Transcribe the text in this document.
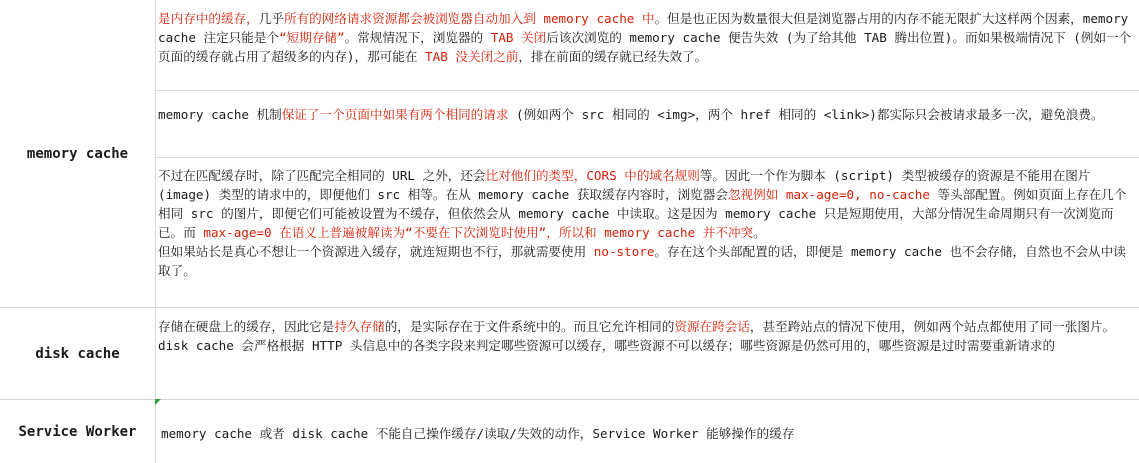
memory cache
disk cache
Service Worker

是内存中的缓存，几乎所有的网络请求资源都会被浏览器自动加入到 memory cache 中。但是也正因为数量很大但是浏览器占用的内存不能无限扩大这样两个因素，memory cache 注定只能是个“短期存储”。常规情况下，浏览器的 TAB 关闭后该次浏览的 memory cache 便告失效 (为了给其他 TAB 腾出位置)。而如果极端情况下 (例如一个页面的缓存就占用了超级多的内存)，那可能在 TAB 没关闭之前，排在前面的缓存就已经失效了。

memory cache 机制保证了一个页面中如果有两个相同的请求 (例如两个 src 相同的 <img>，两个 href 相同的 <link>)都实际只会被请求最多一次，避免浪费。

不过在匹配缓存时，除了匹配完全相同的 URL 之外，还会比对他们的类型，CORS 中的域名规则等。因此一个作为脚本 (script) 类型被缓存的资源是不能用在图片 (image) 类型的请求中的，即便他们 src 相等。在从 memory cache 获取缓存内容时，浏览器会忽视例如 max-age=0, no-cache 等头部配置。例如页面上存在几个相同 src 的图片，即便它们可能被设置为不缓存，但依然会从 memory cache 中读取。这是因为 memory cache 只是短期使用，大部分情况生命周期只有一次浏览而已。而 max-age=0 在语义上普遍被解读为“不要在下次浏览时使用”，所以和 memory cache 并不冲突。

但如果站长是真心不想让一个资源进入缓存，就连短期也不行，那就需要使用 no-store。存在这个头部配置的话，即便是 memory cache 也不会存储，自然也不会从中读取了。

存储在硬盘上的缓存，因此它是持久存储的，是实际存在于文件系统中的。而且它允许相同的资源在跨会话，甚至跨站点的情况下使用，例如两个站点都使用了同一张图片。

disk cache 会严格根据 HTTP 头信息中的各类字段来判定哪些资源可以缓存，哪些资源不可以缓存；哪些资源是仍然可用的，哪些资源是过时需要重新请求的

memory cache 或者 disk cache 不能自己操作缓存/读取/失效的动作，Service Worker 能够操作的缓存
